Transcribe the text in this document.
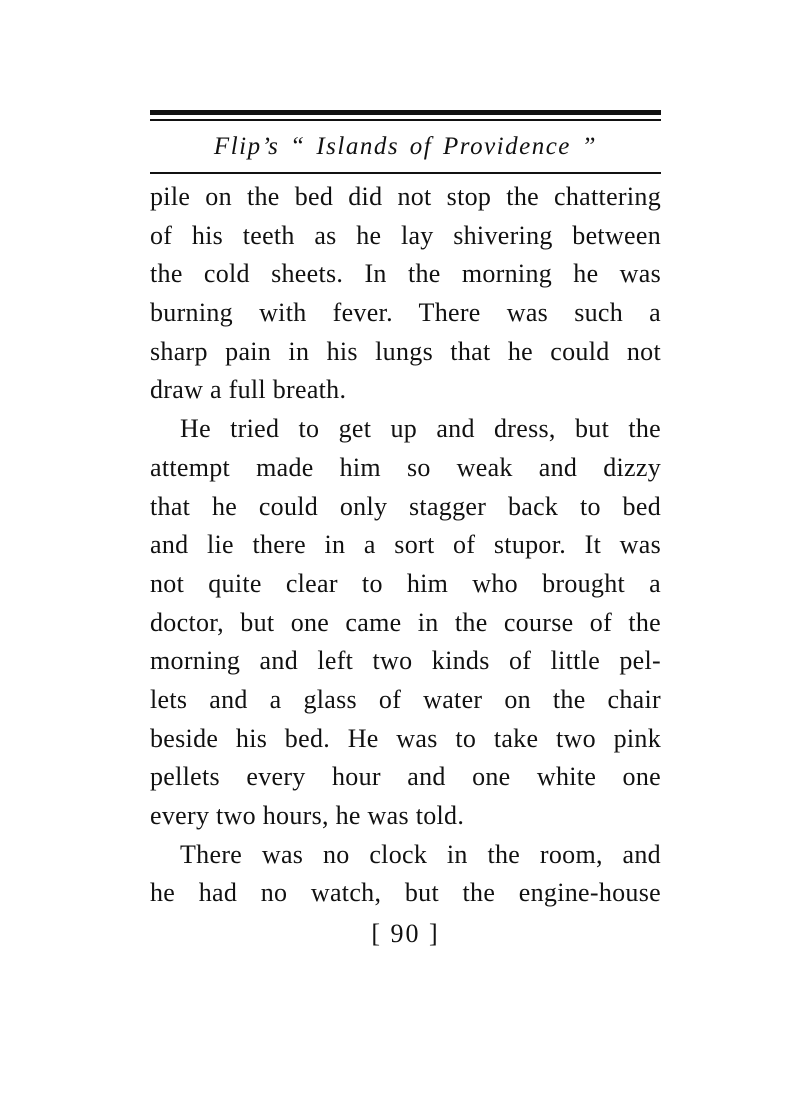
Flip’s “ Islands of Providence ”
pile on the bed did not stop the chattering
of his teeth as he lay shivering between
the cold sheets. In the morning he was
burning with fever. There was such a
sharp pain in his lungs that he could not
draw a full breath.
He tried to get up and dress, but the
attempt made him so weak and dizzy
that he could only stagger back to bed
and lie there in a sort of stupor. It was
not quite clear to him who brought a
doctor, but one came in the course of the
morning and left two kinds of little pel-
lets and a glass of water on the chair
beside his bed. He was to take two pink
pellets every hour and one white one
every two hours, he was told.
There was no clock in the room, and
he had no watch, but the engine-house
[ 90 ]
